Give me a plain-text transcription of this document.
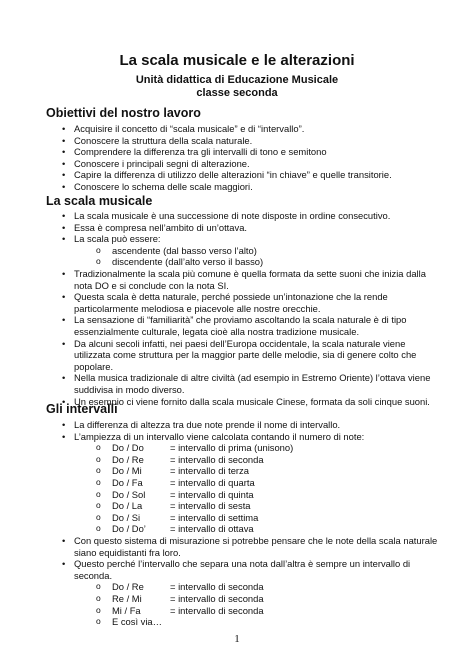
La scala musicale e le alterazioni
Unità didattica di Educazione Musicale
classe seconda
Obiettivi del nostro lavoro
• Acquisire il concetto di “scala musicale” e di “intervallo”.
• Conoscere la struttura della scala naturale.
• Comprendere la differenza tra gli intervalli di tono e semitono
• Conoscere i principali segni di alterazione.
• Capire la differenza di utilizzo delle alterazioni “in chiave” e quelle transitorie.
• Conoscere lo schema delle scale maggiori.
La scala musicale
• La scala musicale è una successione di note disposte in ordine consecutivo.
• Essa è compresa nell’ambito di un’ottava.
• La scala può essere:
o ascendente (dal basso verso l’alto)
o discendente (dall’alto verso il basso)
• Tradizionalmente la scala più comune è quella formata da sette suoni che inizia dalla nota DO e si conclude con la nota SI.
• Questa scala è detta naturale, perché possiede un’intonazione che la rende particolarmente melodiosa e piacevole alle nostre orecchie.
• La sensazione di “familiarità” che proviamo ascoltando la scala naturale è di tipo essenzialmente culturale, legata cioè alla nostra tradizione musicale.
• Da alcuni secoli infatti, nei paesi dell’Europa occidentale, la scala naturale viene utilizzata come struttura per la maggior parte delle melodie, sia di genere colto che popolare.
• Nella musica tradizionale di altre civiltà (ad esempio in Estremo Oriente) l’ottava viene suddivisa in modo diverso.
• Un esempio ci viene fornito dalla scala musicale Cinese, formata da soli cinque suoni.
Gli intervalli
• La differenza di altezza tra due note prende il nome di intervallo.
• L’ampiezza di un intervallo viene calcolata contando il numero di note:
o Do / Do	= intervallo di prima (unisono)
o Do / Re	= intervallo di seconda
o Do / Mi	= intervallo di terza
o Do / Fa	= intervallo di quarta
o Do / Sol	= intervallo di quinta
o Do / La	= intervallo di sesta
o Do / Si	= intervallo di settima
o Do / Do’	= intervallo di ottava
• Con questo sistema di misurazione si potrebbe pensare che le note della scala naturale siano equidistanti fra loro.
• Questo perché l’intervallo che separa una nota dall’altra è sempre un intervallo di seconda.
o Do / Re	= intervallo di seconda
o Re / Mi	= intervallo di seconda
o Mi / Fa	= intervallo di seconda
o E così via…
1
